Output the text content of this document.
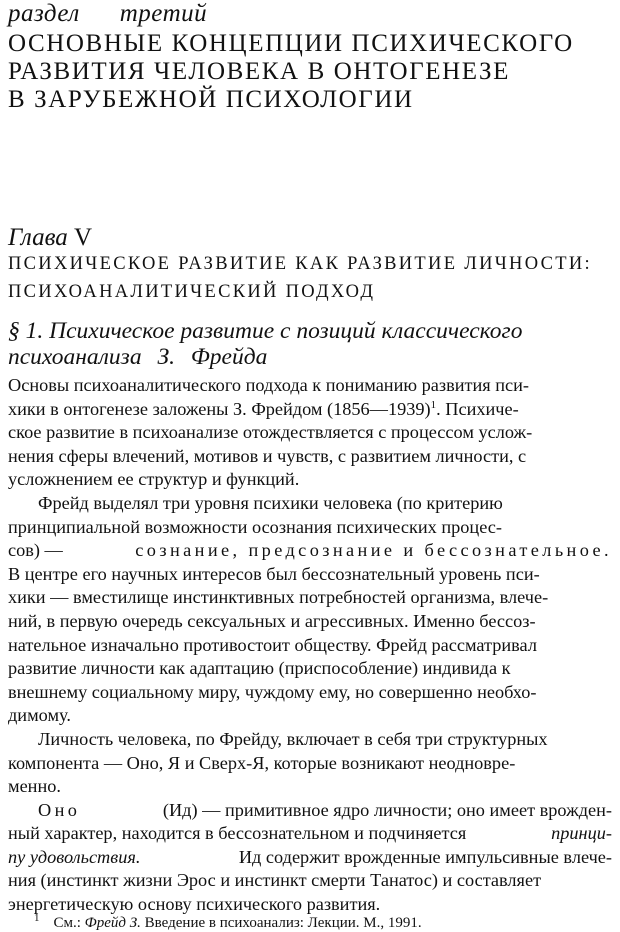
раздел третий
ОСНОВНЫЕ КОНЦЕПЦИИ ПСИХИЧЕСКОГО
РАЗВИТИЯ ЧЕЛОВЕКА В ОНТОГЕНЕЗЕ
В ЗАРУБЕЖНОЙ ПСИХОЛОГИИ
Глава V
ПСИХИЧЕСКОЕ РАЗВИТИЕ КАК РАЗВИТИЕ ЛИЧНОСТИ:
ПСИХОАНАЛИТИЧЕСКИЙ ПОДХОД
§ 1. Психическое развитие с позиций классического
психоанализа З. Фрейда

Основы психоаналитического подхода к пониманию развития пси-
хики в онтогенезе заложены З. Фрейдом (1856—1939)$^1$. Психиче-
ское развитие в психоанализе отождествляется с процессом услож-
нения сферы влечений, мотивов и чувств, с развитием личности, с
усложнением ее структур и функций.

Фрейд выделял три уровня психики человека (по критерию
принципиальной возможности осознания психических процес-
сов) —	сознание, предсознание и бессознательное.
В центре его научных интересов был бессознательный уровень пси-
хики — вместилище инстинктивных потребностей организма, влече-
ний, в первую очередь сексуальных и агрессивных. Именно бессоз-
нательное изначально противостоит обществу. Фрейд рассматривал
развитие личности как адаптацию (приспособление) индивида к
внешнему социальному миру, чуждому ему, но совершенно необхо-
димому.

Личность человека, по Фрейду, включает в себя три структурных
компонента — Оно, Я и Сверх-Я, которые возникают неодновре-
менно.

Оно	(Ид) — примитивное ядро личности; оно имеет врожден-
ный характер, находится в бессознательном и подчиняется	принци-
пу удовольствия.	Ид содержит врожденные импульсивные влече-
ния (инстинкт жизни Эрос и инстинкт смерти Танатос) и составляет
энергетическую основу психического развития.

$^1$ См.: Фрейд З. Введение в психоанализ: Лекции. М., 1991.
